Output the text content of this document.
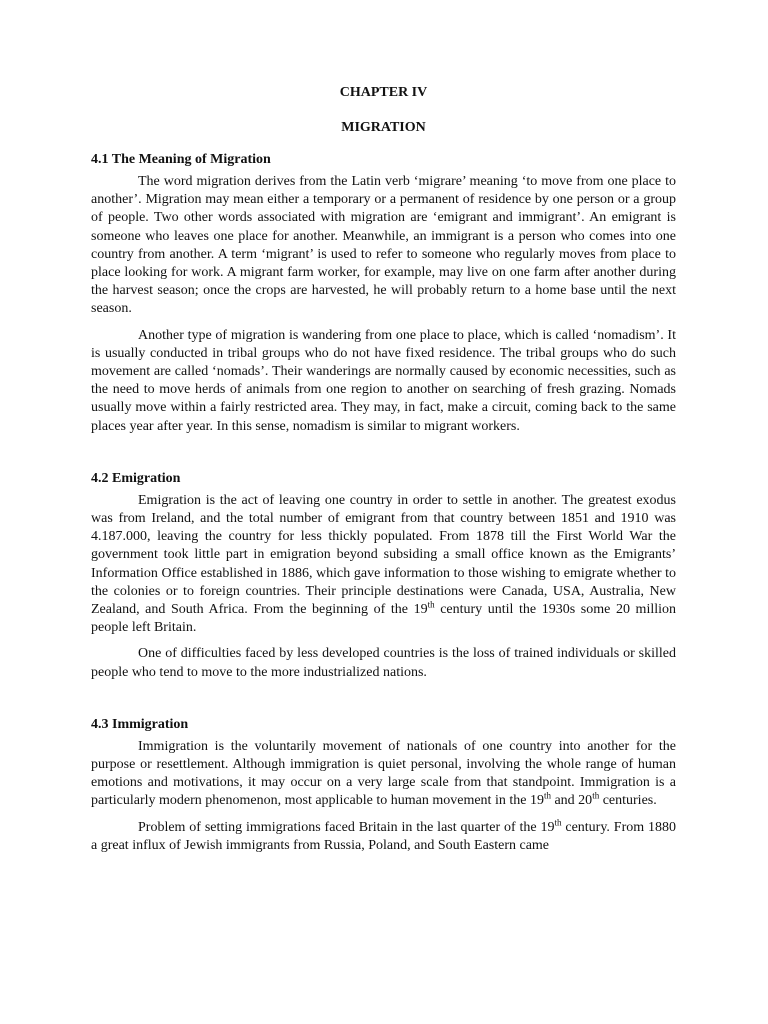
CHAPTER IV
MIGRATION
4.1 The Meaning of Migration

The word migration derives from the Latin verb ‘migrare’ meaning ‘to move from one place to another’. Migration may mean either a temporary or a permanent of residence by one person or a group of people. Two other words associated with migration are ‘emigrant and immigrant’. An emigrant is someone who leaves one place for another. Meanwhile, an immigrant is a person who comes into one country from another. A term ‘migrant’ is used to refer to someone who regularly moves from place to place looking for work. A migrant farm worker, for example, may live on one farm after another during the harvest season; once the crops are harvested, he will probably return to a home base until the next season.

Another type of migration is wandering from one place to place, which is called ‘nomadism’. It is usually conducted in tribal groups who do not have fixed residence. The tribal groups who do such movement are called ‘nomads’. Their wanderings are normally caused by economic necessities, such as the need to move herds of animals from one region to another on searching of fresh grazing. Nomads usually move within a fairly restricted area. They may, in fact, make a circuit, coming back to the same places year after year. In this sense, nomadism is similar to migrant workers.

4.2 Emigration

Emigration is the act of leaving one country in order to settle in another. The greatest exodus was from Ireland, and the total number of emigrant from that country between 1851 and 1910 was 4.187.000, leaving the country for less thickly populated. From 1878 till the First World War the government took little part in emigration beyond subsiding a small office known as the Emigrants’ Information Office established in 1886, which gave information to those wishing to emigrate whether to the colonies or to foreign countries. Their principle destinations were Canada, USA, Australia, New Zealand, and South Africa. From the beginning of the 19th century until the 1930s some 20 million people left Britain.

One of difficulties faced by less developed countries is the loss of trained individuals or skilled people who tend to move to the more industrialized nations.

4.3 Immigration

Immigration is the voluntarily movement of nationals of one country into another for the purpose or resettlement. Although immigration is quiet personal, involving the whole range of human emotions and motivations, it may occur on a very large scale from that standpoint. Immigration is a particularly modern phenomenon, most applicable to human movement in the 19th and 20th centuries.

Problem of setting immigrations faced Britain in the last quarter of the 19th century. From 1880 a great influx of Jewish immigrants from Russia, Poland, and South Eastern came
